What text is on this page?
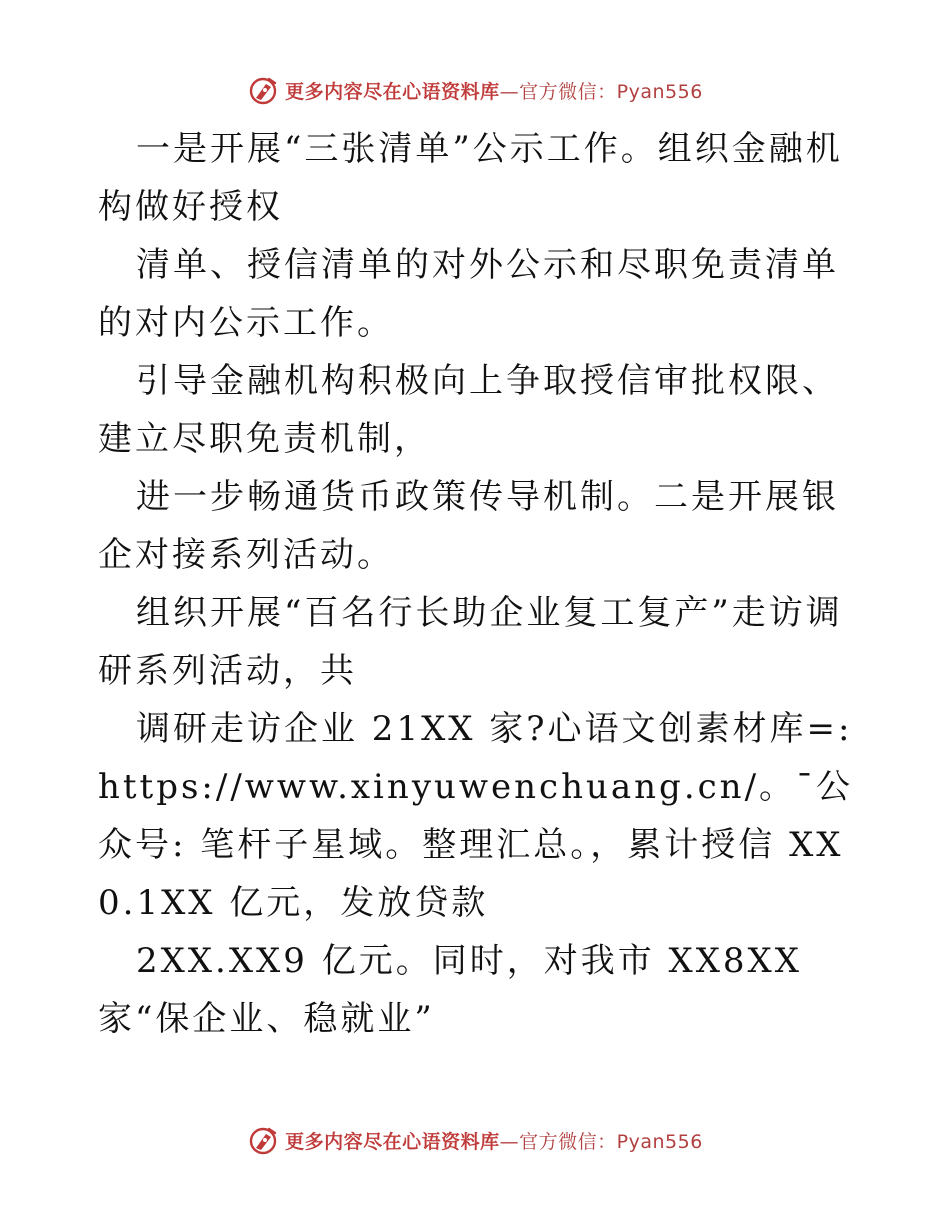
更多内容尽在心语资料库—官方微信：Pyan556

一是开展“三张清单”公示工作。组织金融机构做好授权

清单、授信清单的对外公示和尽职免责清单的对内公示工作。

引导金融机构积极向上争取授信审批权限、建立尽职免责机制，

进一步畅通货币政策传导机制。二是开展银企对接系列活动。

组织开展“百名行长助企业复工复产”走访调研系列活动，共

调研走访企业 21XX 家?心语文创素材库=:https://www.xinyuwenchuang.cn/。¯公众号: 笔杆子星域。整理汇总。，累计授信 XX0.1XX 亿元，发放贷款

2XX.XX9 亿元。同时，对我市 XX8XX 家“保企业、稳就业”

更多内容尽在心语资料库—官方微信：Pyan556
